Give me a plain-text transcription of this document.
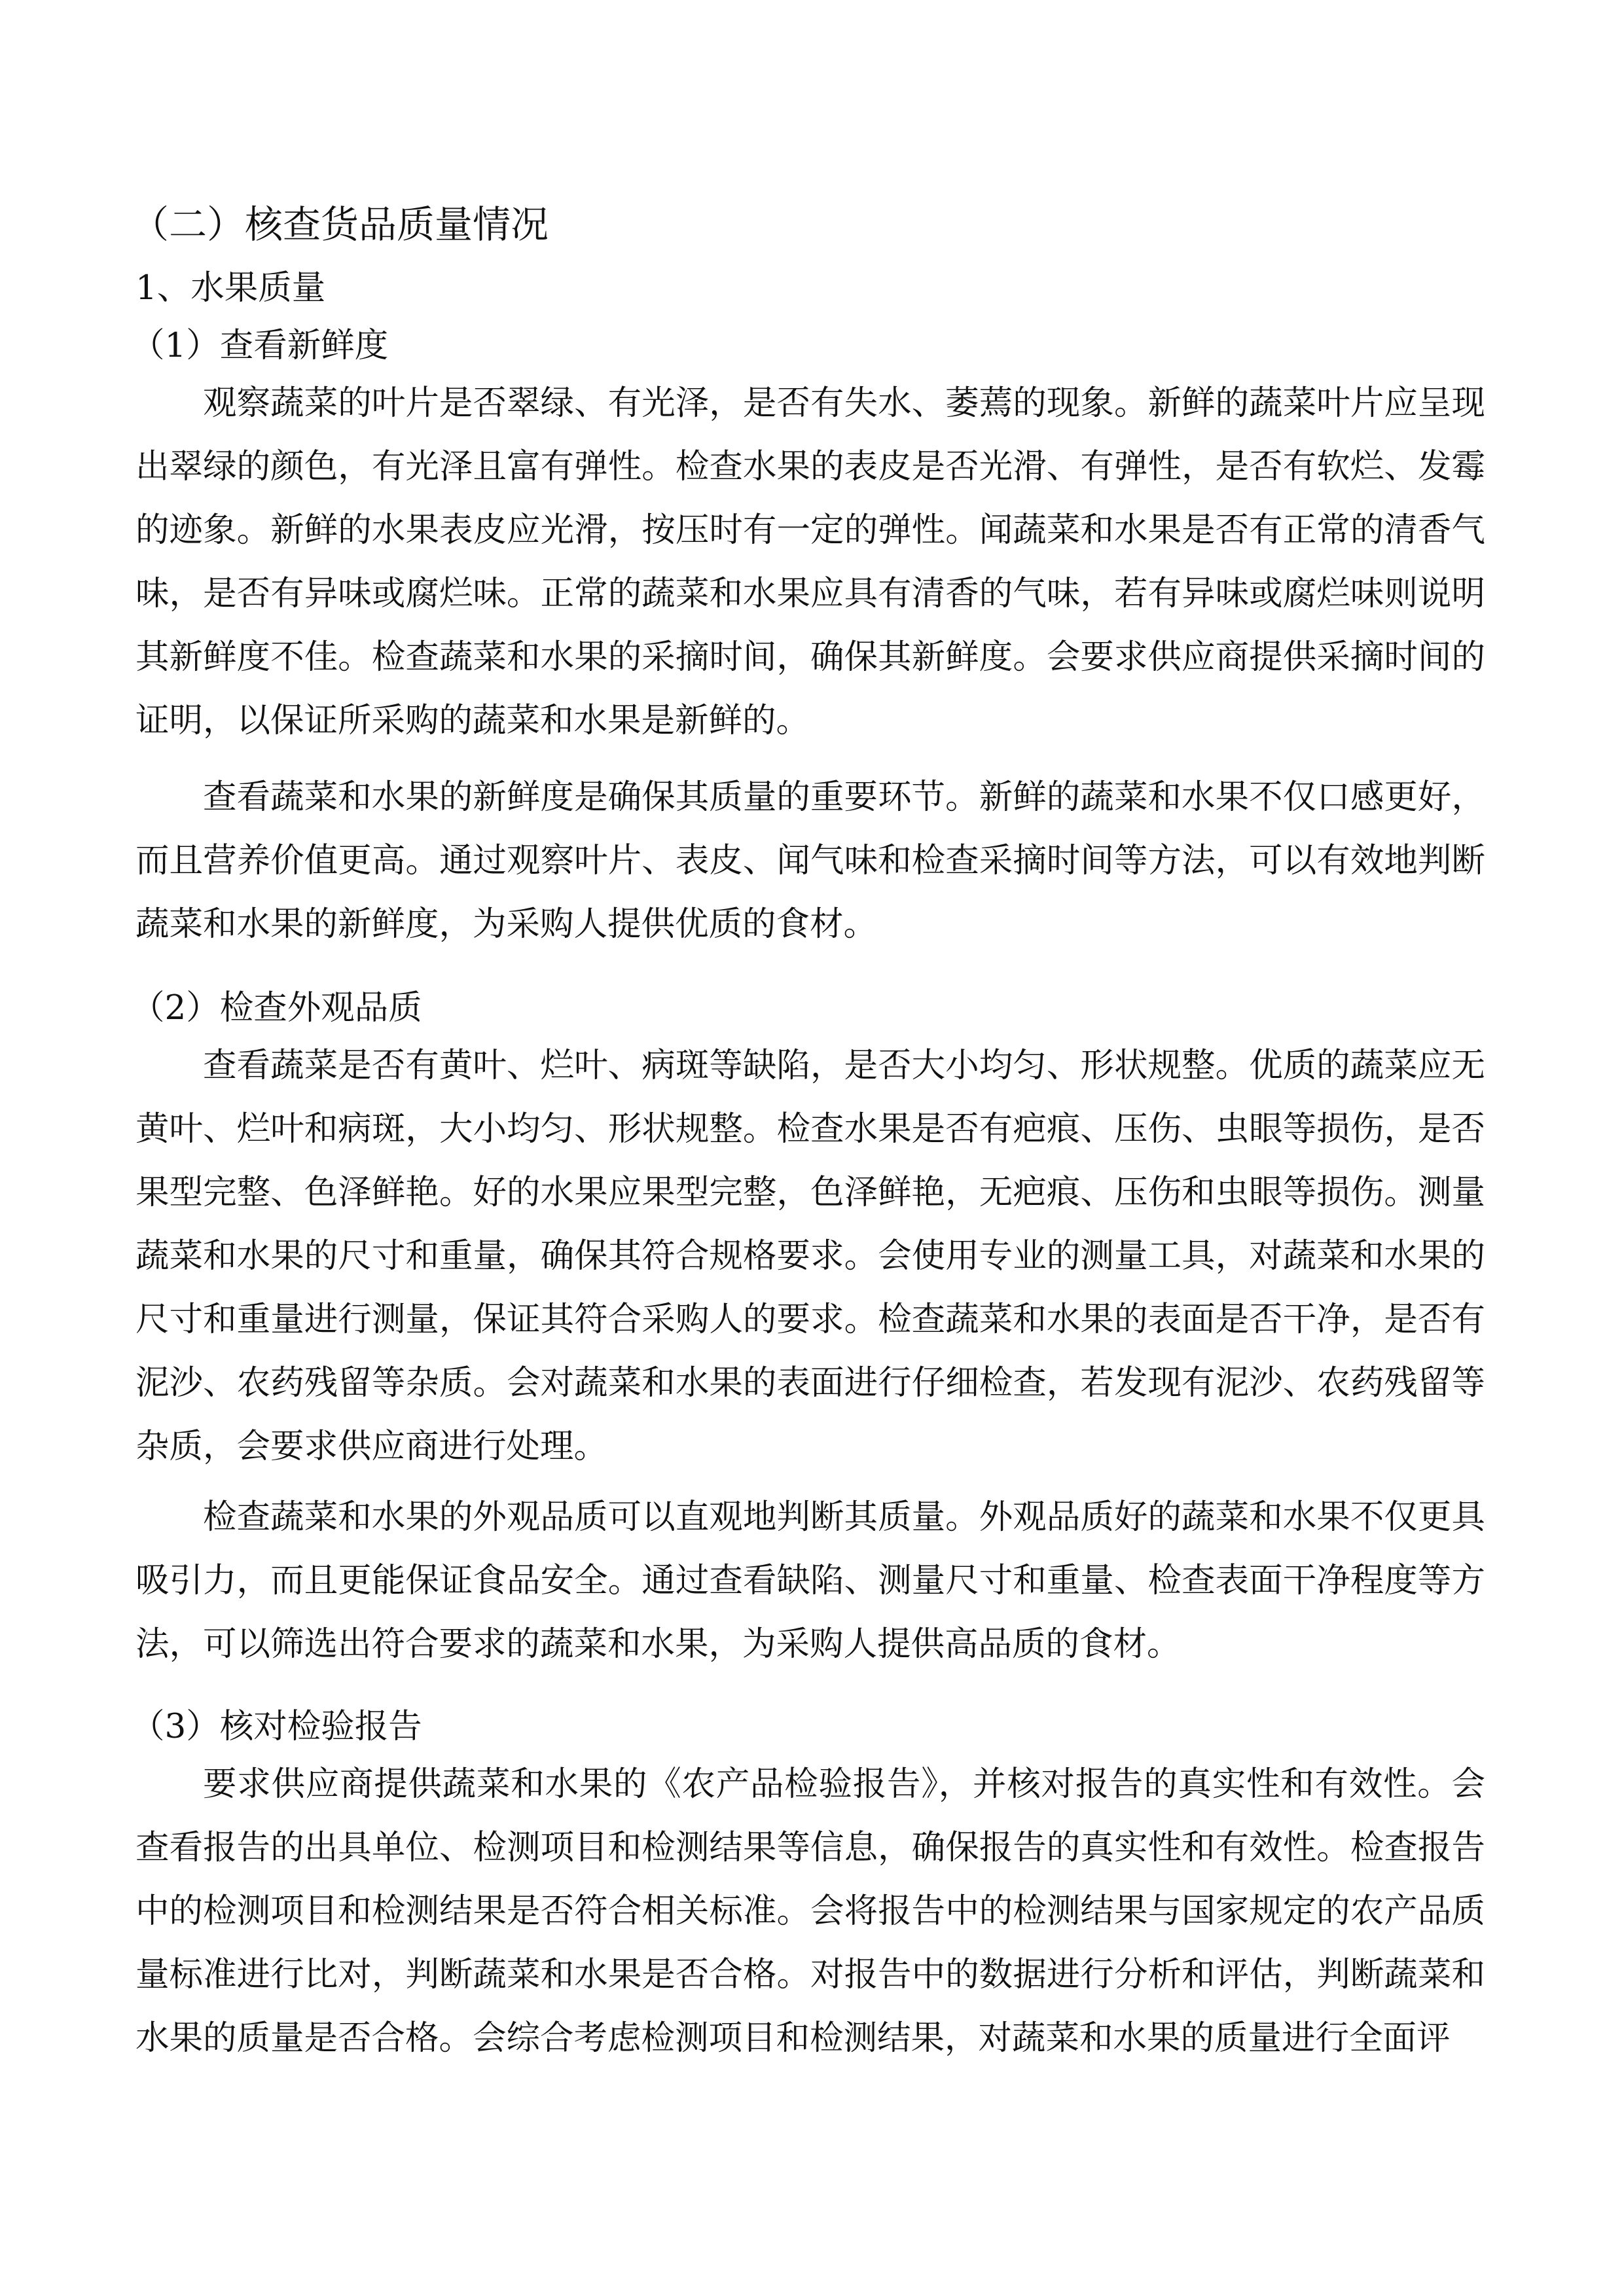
（二）核查货品质量情况
1、水果质量
（1）查看新鲜度
观察蔬菜的叶片是否翠绿、有光泽，是否有失水、萎蔫的现象。新鲜的蔬菜叶片应呈现出翠绿的颜色，有光泽且富有弹性。检查水果的表皮是否光滑、有弹性，是否有软烂、发霉的迹象。新鲜的水果表皮应光滑，按压时有一定的弹性。闻蔬菜和水果是否有正常的清香气味，是否有异味或腐烂味。正常的蔬菜和水果应具有清香的气味，若有异味或腐烂味则说明其新鲜度不佳。检查蔬菜和水果的采摘时间，确保其新鲜度。会要求供应商提供采摘时间的证明，以保证所采购的蔬菜和水果是新鲜的。
查看蔬菜和水果的新鲜度是确保其质量的重要环节。新鲜的蔬菜和水果不仅口感更好，而且营养价值更高。通过观察叶片、表皮、闻气味和检查采摘时间等方法，可以有效地判断蔬菜和水果的新鲜度，为采购人提供优质的食材。
（2）检查外观品质
查看蔬菜是否有黄叶、烂叶、病斑等缺陷，是否大小均匀、形状规整。优质的蔬菜应无黄叶、烂叶和病斑，大小均匀、形状规整。检查水果是否有疤痕、压伤、虫眼等损伤，是否果型完整、色泽鲜艳。好的水果应果型完整，色泽鲜艳，无疤痕、压伤和虫眼等损伤。测量蔬菜和水果的尺寸和重量，确保其符合规格要求。会使用专业的测量工具，对蔬菜和水果的尺寸和重量进行测量，保证其符合采购人的要求。检查蔬菜和水果的表面是否干净，是否有泥沙、农药残留等杂质。会对蔬菜和水果的表面进行仔细检查，若发现有泥沙、农药残留等杂质，会要求供应商进行处理。
检查蔬菜和水果的外观品质可以直观地判断其质量。外观品质好的蔬菜和水果不仅更具吸引力，而且更能保证食品安全。通过查看缺陷、测量尺寸和重量、检查表面干净程度等方法，可以筛选出符合要求的蔬菜和水果，为采购人提供高品质的食材。
（3）核对检验报告
要求供应商提供蔬菜和水果的《农产品检验报告》，并核对报告的真实性和有效性。会查看报告的出具单位、检测项目和检测结果等信息，确保报告的真实性和有效性。检查报告中的检测项目和检测结果是否符合相关标准。会将报告中的检测结果与国家规定的农产品质量标准进行比对，判断蔬菜和水果是否合格。对报告中的数据进行分析和评估，判断蔬菜和水果的质量是否合格。会综合考虑检测项目和检测结果，对蔬菜和水果的质量进行全面评
